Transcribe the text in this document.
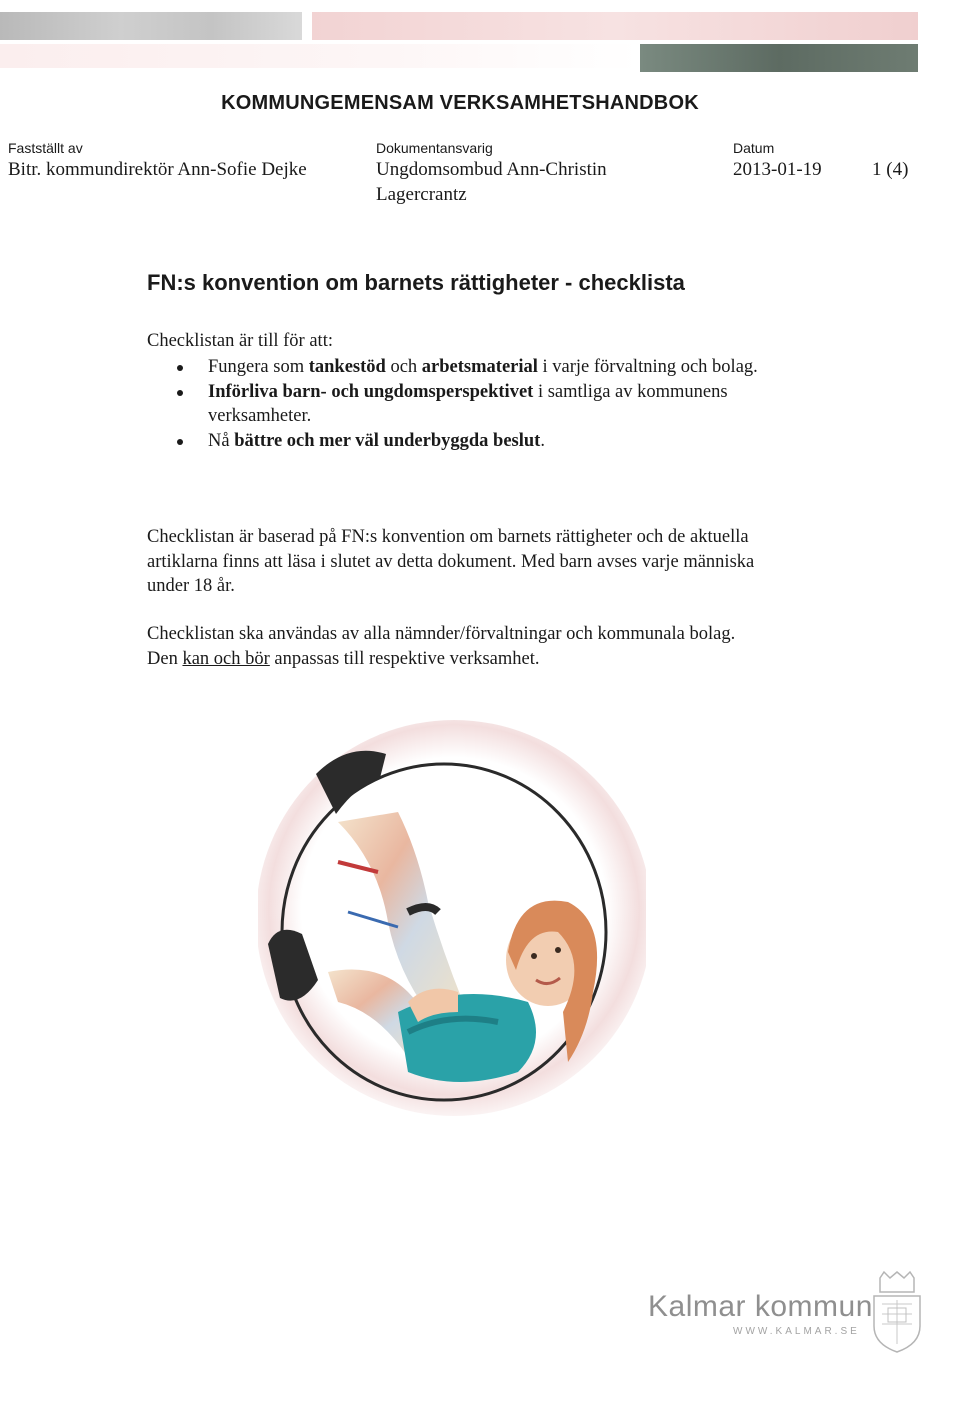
KOMMUNGEMENSAM VERKSAMHETSHANDBOK
Fastställt av
Bitr. kommundirektör Ann-Sofie Dejke
Dokumentansvarig
Ungdomsombud Ann-Christin
Lagercrantz
Datum
2013-01-19	1 (4)
FN:s konvention om barnets rättigheter - checklista
Checklistan är till för att:
Fungera som tankestöd och arbetsmaterial i varje förvaltning och bolag.
Införliva barn- och ungdomsperspektivet i samtliga av kommunens verksamheter.
Nå bättre och mer väl underbyggda beslut.
Checklistan är baserad på FN:s konvention om barnets rättigheter och de aktuella artiklarna finns att läsa i slutet av detta dokument. Med barn avses varje människa under 18 år.
Checklistan ska användas av alla nämnder/förvaltningar och kommunala bolag.
Den kan och bör anpassas till respektive verksamhet.
Kalmar kommun
WWW.KALMAR.SE
